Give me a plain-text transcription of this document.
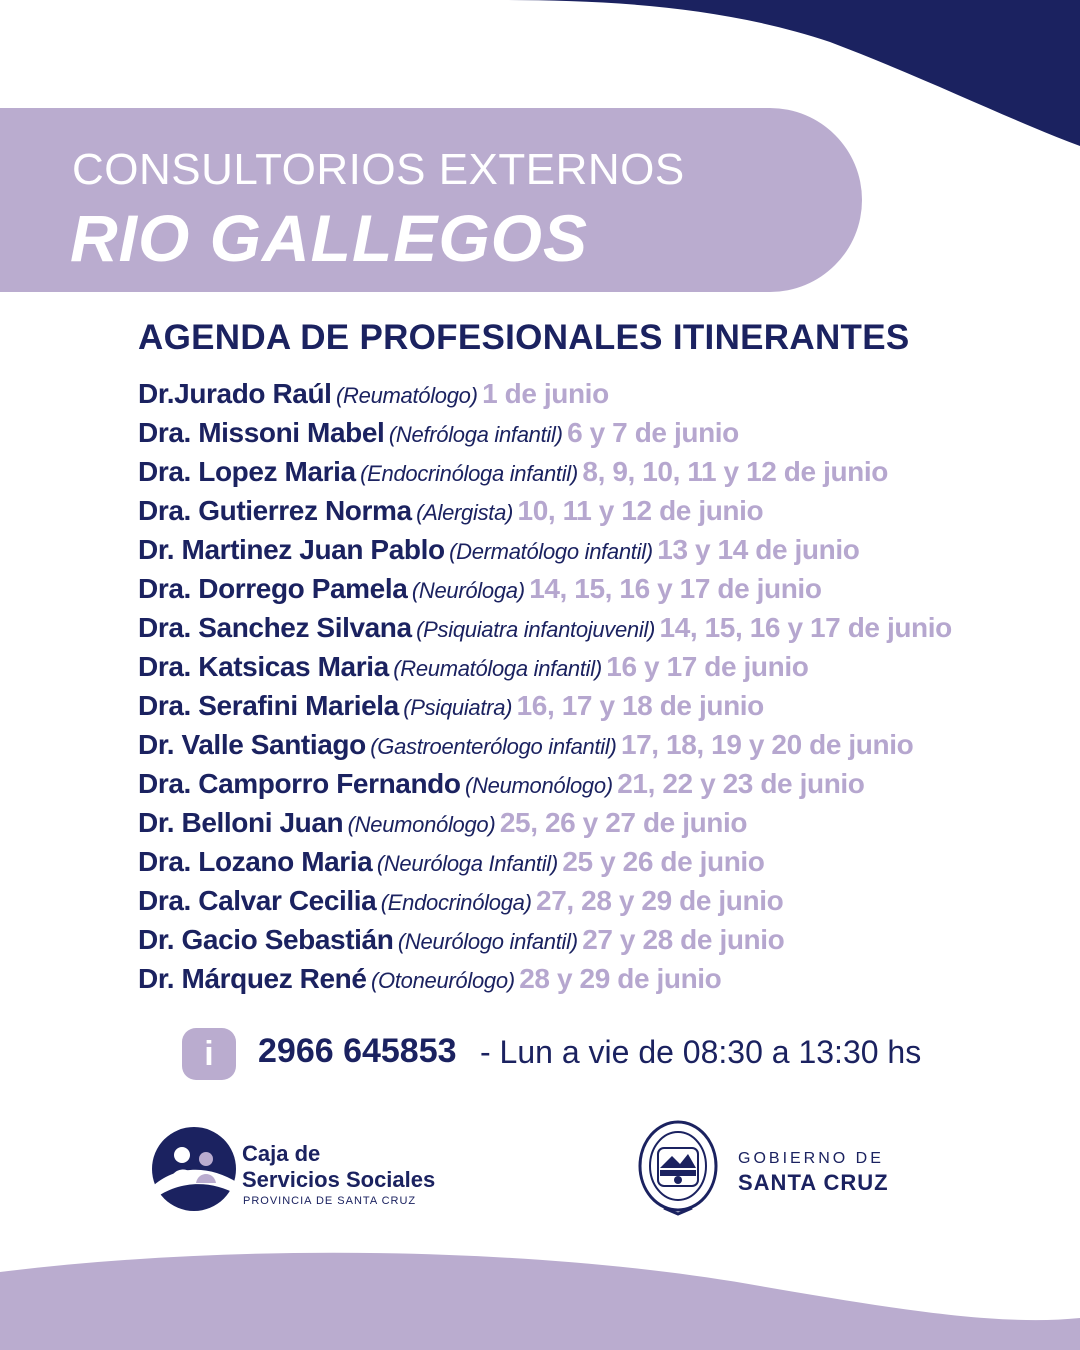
CONSULTORIOS EXTERNOS
RIO GALLEGOS
AGENDA DE PROFESIONALES ITINERANTES
Dr.Jurado Raúl (Reumatólogo) 1 de junio
Dra. Missoni Mabel (Nefróloga infantil) 6 y 7 de junio
Dra. Lopez Maria (Endocrinóloga infantil) 8, 9, 10, 11 y 12 de junio
Dra. Gutierrez Norma (Alergista) 10, 11 y 12 de junio
Dr. Martinez Juan Pablo (Dermatólogo infantil) 13 y 14 de junio
Dra. Dorrego Pamela (Neuróloga) 14, 15, 16 y 17 de junio
Dra. Sanchez Silvana (Psiquiatra infantojuvenil) 14, 15, 16 y 17 de junio
Dra. Katsicas Maria (Reumatóloga infantil) 16 y 17 de junio
Dra. Serafini Mariela (Psiquiatra) 16, 17 y 18 de junio
Dr. Valle Santiago (Gastroenterólogo infantil) 17, 18, 19 y 20 de junio
Dra. Camporro Fernando (Neumonólogo) 21, 22 y 23 de junio
Dr. Belloni Juan (Neumonólogo) 25, 26 y 27 de junio
Dra. Lozano Maria (Neuróloga Infantil) 25 y 26 de junio
Dra. Calvar Cecilia (Endocrinóloga) 27, 28 y 29 de junio
Dr. Gacio Sebastián (Neurólogo infantil) 27 y 28 de junio
Dr. Márquez René (Otoneurólogo) 28 y 29 de junio
i	2966 645853 - Lun a vie de 08:30 a 13:30 hs
Caja de
Servicios Sociales
PROVINCIA DE SANTA CRUZ
GOBIERNO DE
SANTA CRUZ
